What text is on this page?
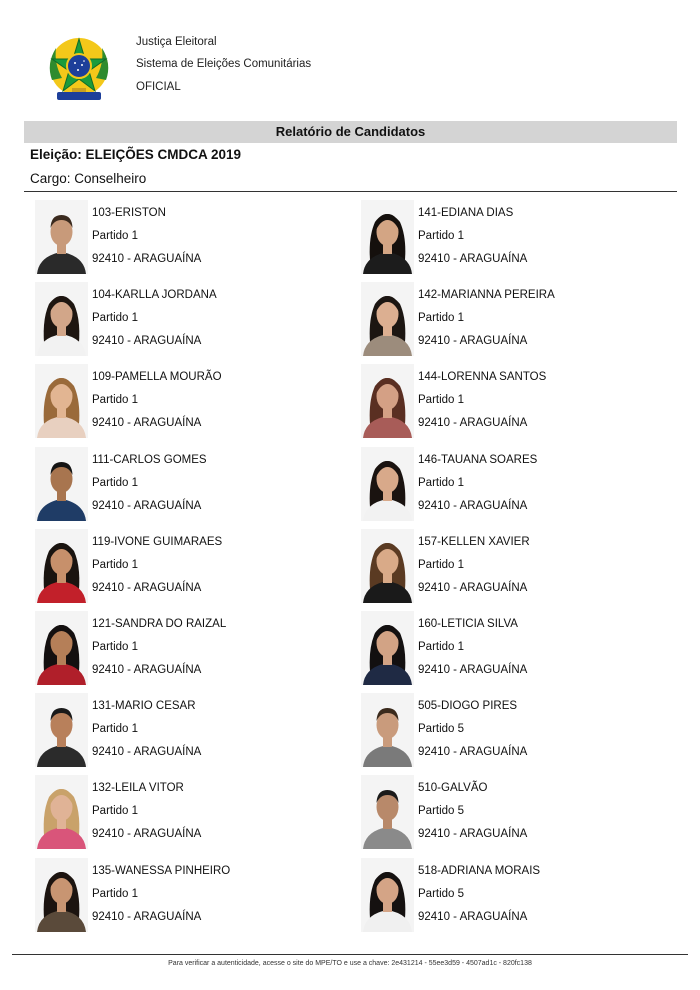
Justiça Eleitoral
Sistema de Eleições Comunitárias
OFICIAL
Relatório de Candidatos
Eleição: ELEIÇÕES CMDCA 2019
Cargo: Conselheiro
103-ERISTON
Partido 1
92410 - ARAGUAÍNA
104-KARLLA JORDANA
Partido 1
92410 - ARAGUAÍNA
109-PAMELLA MOURÃO
Partido 1
92410 - ARAGUAÍNA
111-CARLOS GOMES
Partido 1
92410 - ARAGUAÍNA
119-IVONE GUIMARAES
Partido 1
92410 - ARAGUAÍNA
121-SANDRA DO RAIZAL
Partido 1
92410 - ARAGUAÍNA
131-MARIO CESAR
Partido 1
92410 - ARAGUAÍNA
132-LEILA VITOR
Partido 1
92410 - ARAGUAÍNA
135-WANESSA PINHEIRO
Partido 1
92410 - ARAGUAÍNA
141-EDIANA DIAS
Partido 1
92410 - ARAGUAÍNA
142-MARIANNA PEREIRA
Partido 1
92410 - ARAGUAÍNA
144-LORENNA SANTOS
Partido 1
92410 - ARAGUAÍNA
146-TAUANA SOARES
Partido 1
92410 - ARAGUAÍNA
157-KELLEN XAVIER
Partido 1
92410 - ARAGUAÍNA
160-LETICIA SILVA
Partido 1
92410 - ARAGUAÍNA
505-DIOGO PIRES
Partido 5
92410 - ARAGUAÍNA
510-GALVÃO
Partido 5
92410 - ARAGUAÍNA
518-ADRIANA MORAIS
Partido 5
92410 - ARAGUAÍNA
Para verificar a autenticidade, acesse o site do MPE/TO e use a chave: 2e431214 - 55ee3d59 - 4507ad1c - 820fc138
